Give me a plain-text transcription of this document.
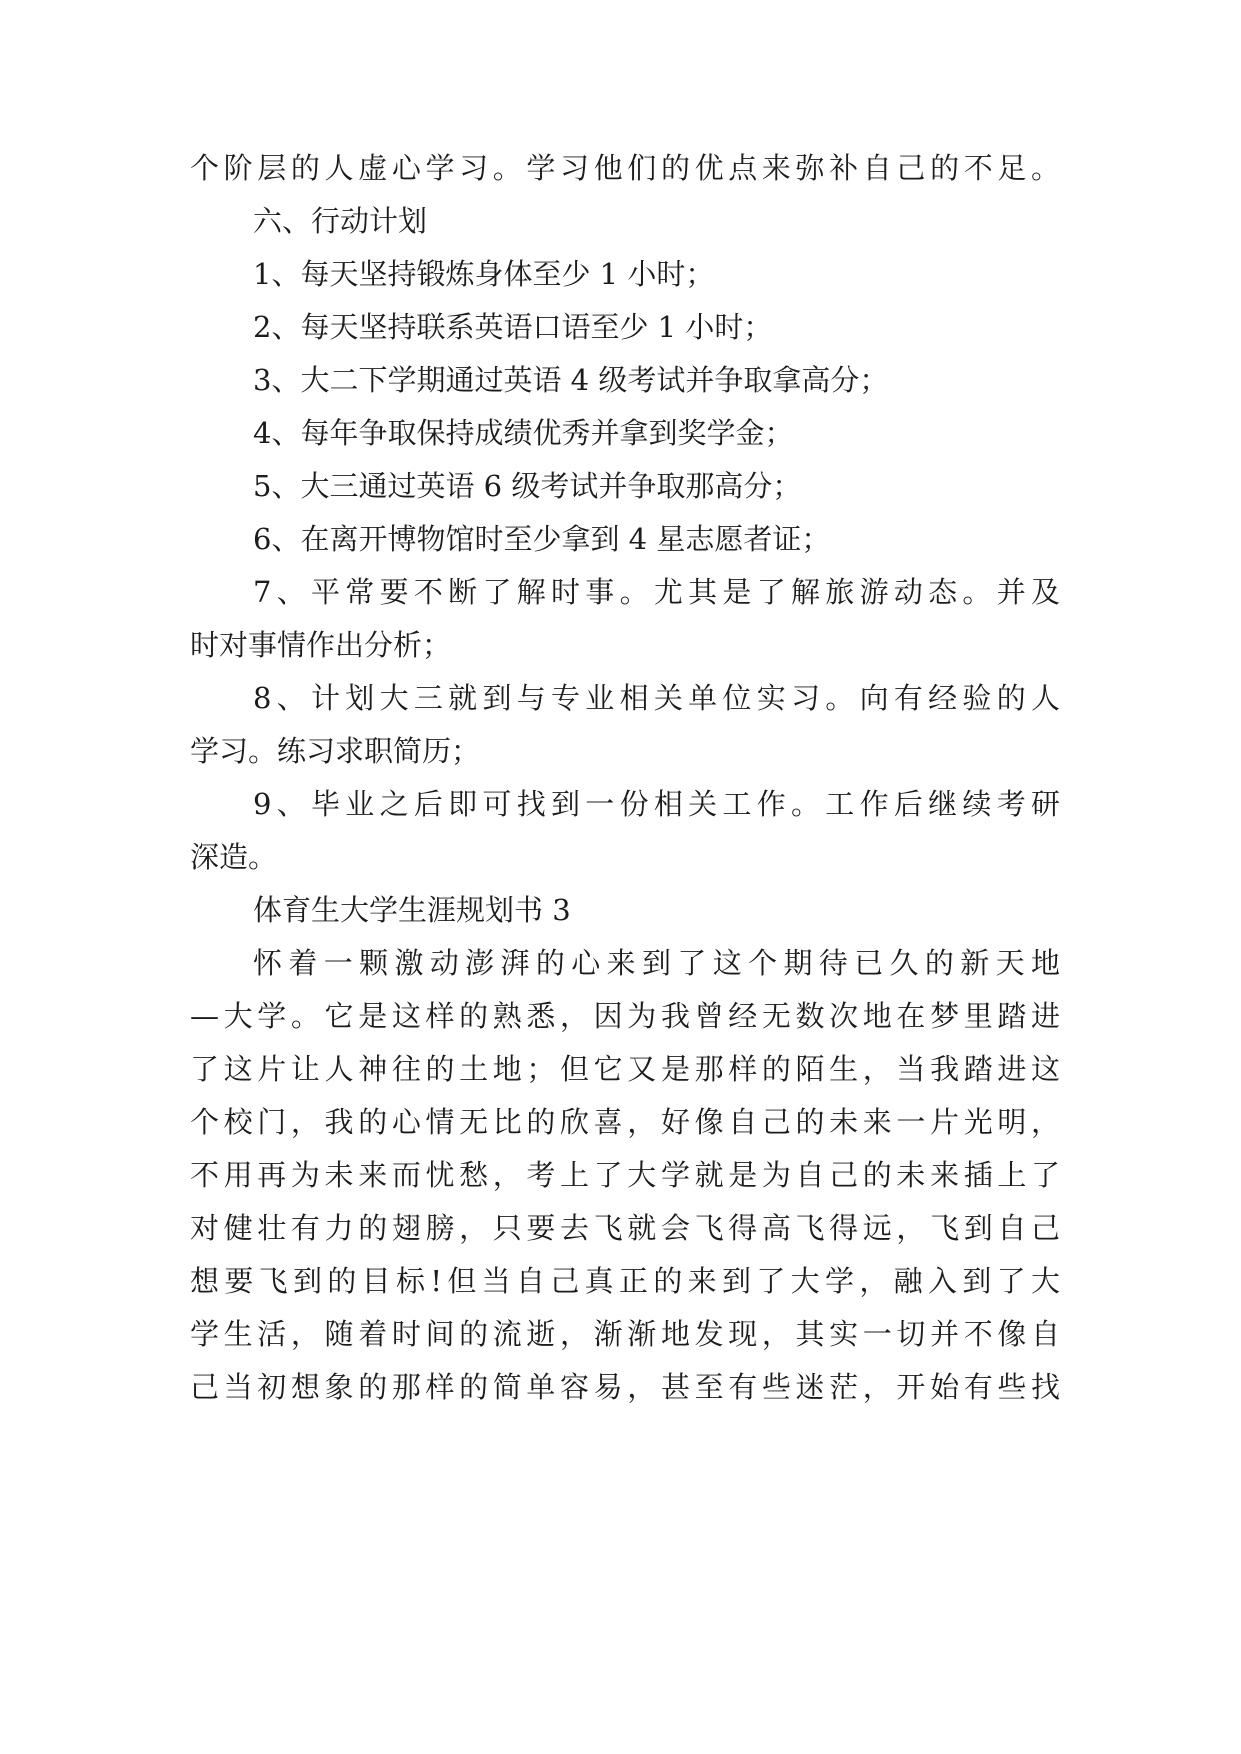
个阶层的人虚心学习。学习他们的优点来弥补自己的不足。
六、行动计划
1、每天坚持锻炼身体至少 1 小时；
2、每天坚持联系英语口语至少 1 小时；
3、大二下学期通过英语 4 级考试并争取拿高分；
4、每年争取保持成绩优秀并拿到奖学金；
5、大三通过英语 6 级考试并争取那高分；
6、在离开博物馆时至少拿到 4 星志愿者证；
7、平常要不断了解时事。尤其是了解旅游动态。并及
时对事情作出分析；
8、计划大三就到与专业相关单位实习。向有经验的人
学习。练习求职简历；
9、毕业之后即可找到一份相关工作。工作后继续考研
深造。
体育生大学生涯规划书 3
怀着一颗激动澎湃的心来到了这个期待已久的新天地
—大学。它是这样的熟悉，因为我曾经无数次地在梦里踏进
了这片让人神往的土地；但它又是那样的陌生，当我踏进这
个校门，我的心情无比的欣喜，好像自己的未来一片光明，
不用再为未来而忧愁，考上了大学就是为自己的未来插上了
对健壮有力的翅膀，只要去飞就会飞得高飞得远，飞到自己
想要飞到的目标!但当自己真正的来到了大学，融入到了大
学生活，随着时间的流逝，渐渐地发现，其实一切并不像自
己当初想象的那样的简单容易，甚至有些迷茫，开始有些找
